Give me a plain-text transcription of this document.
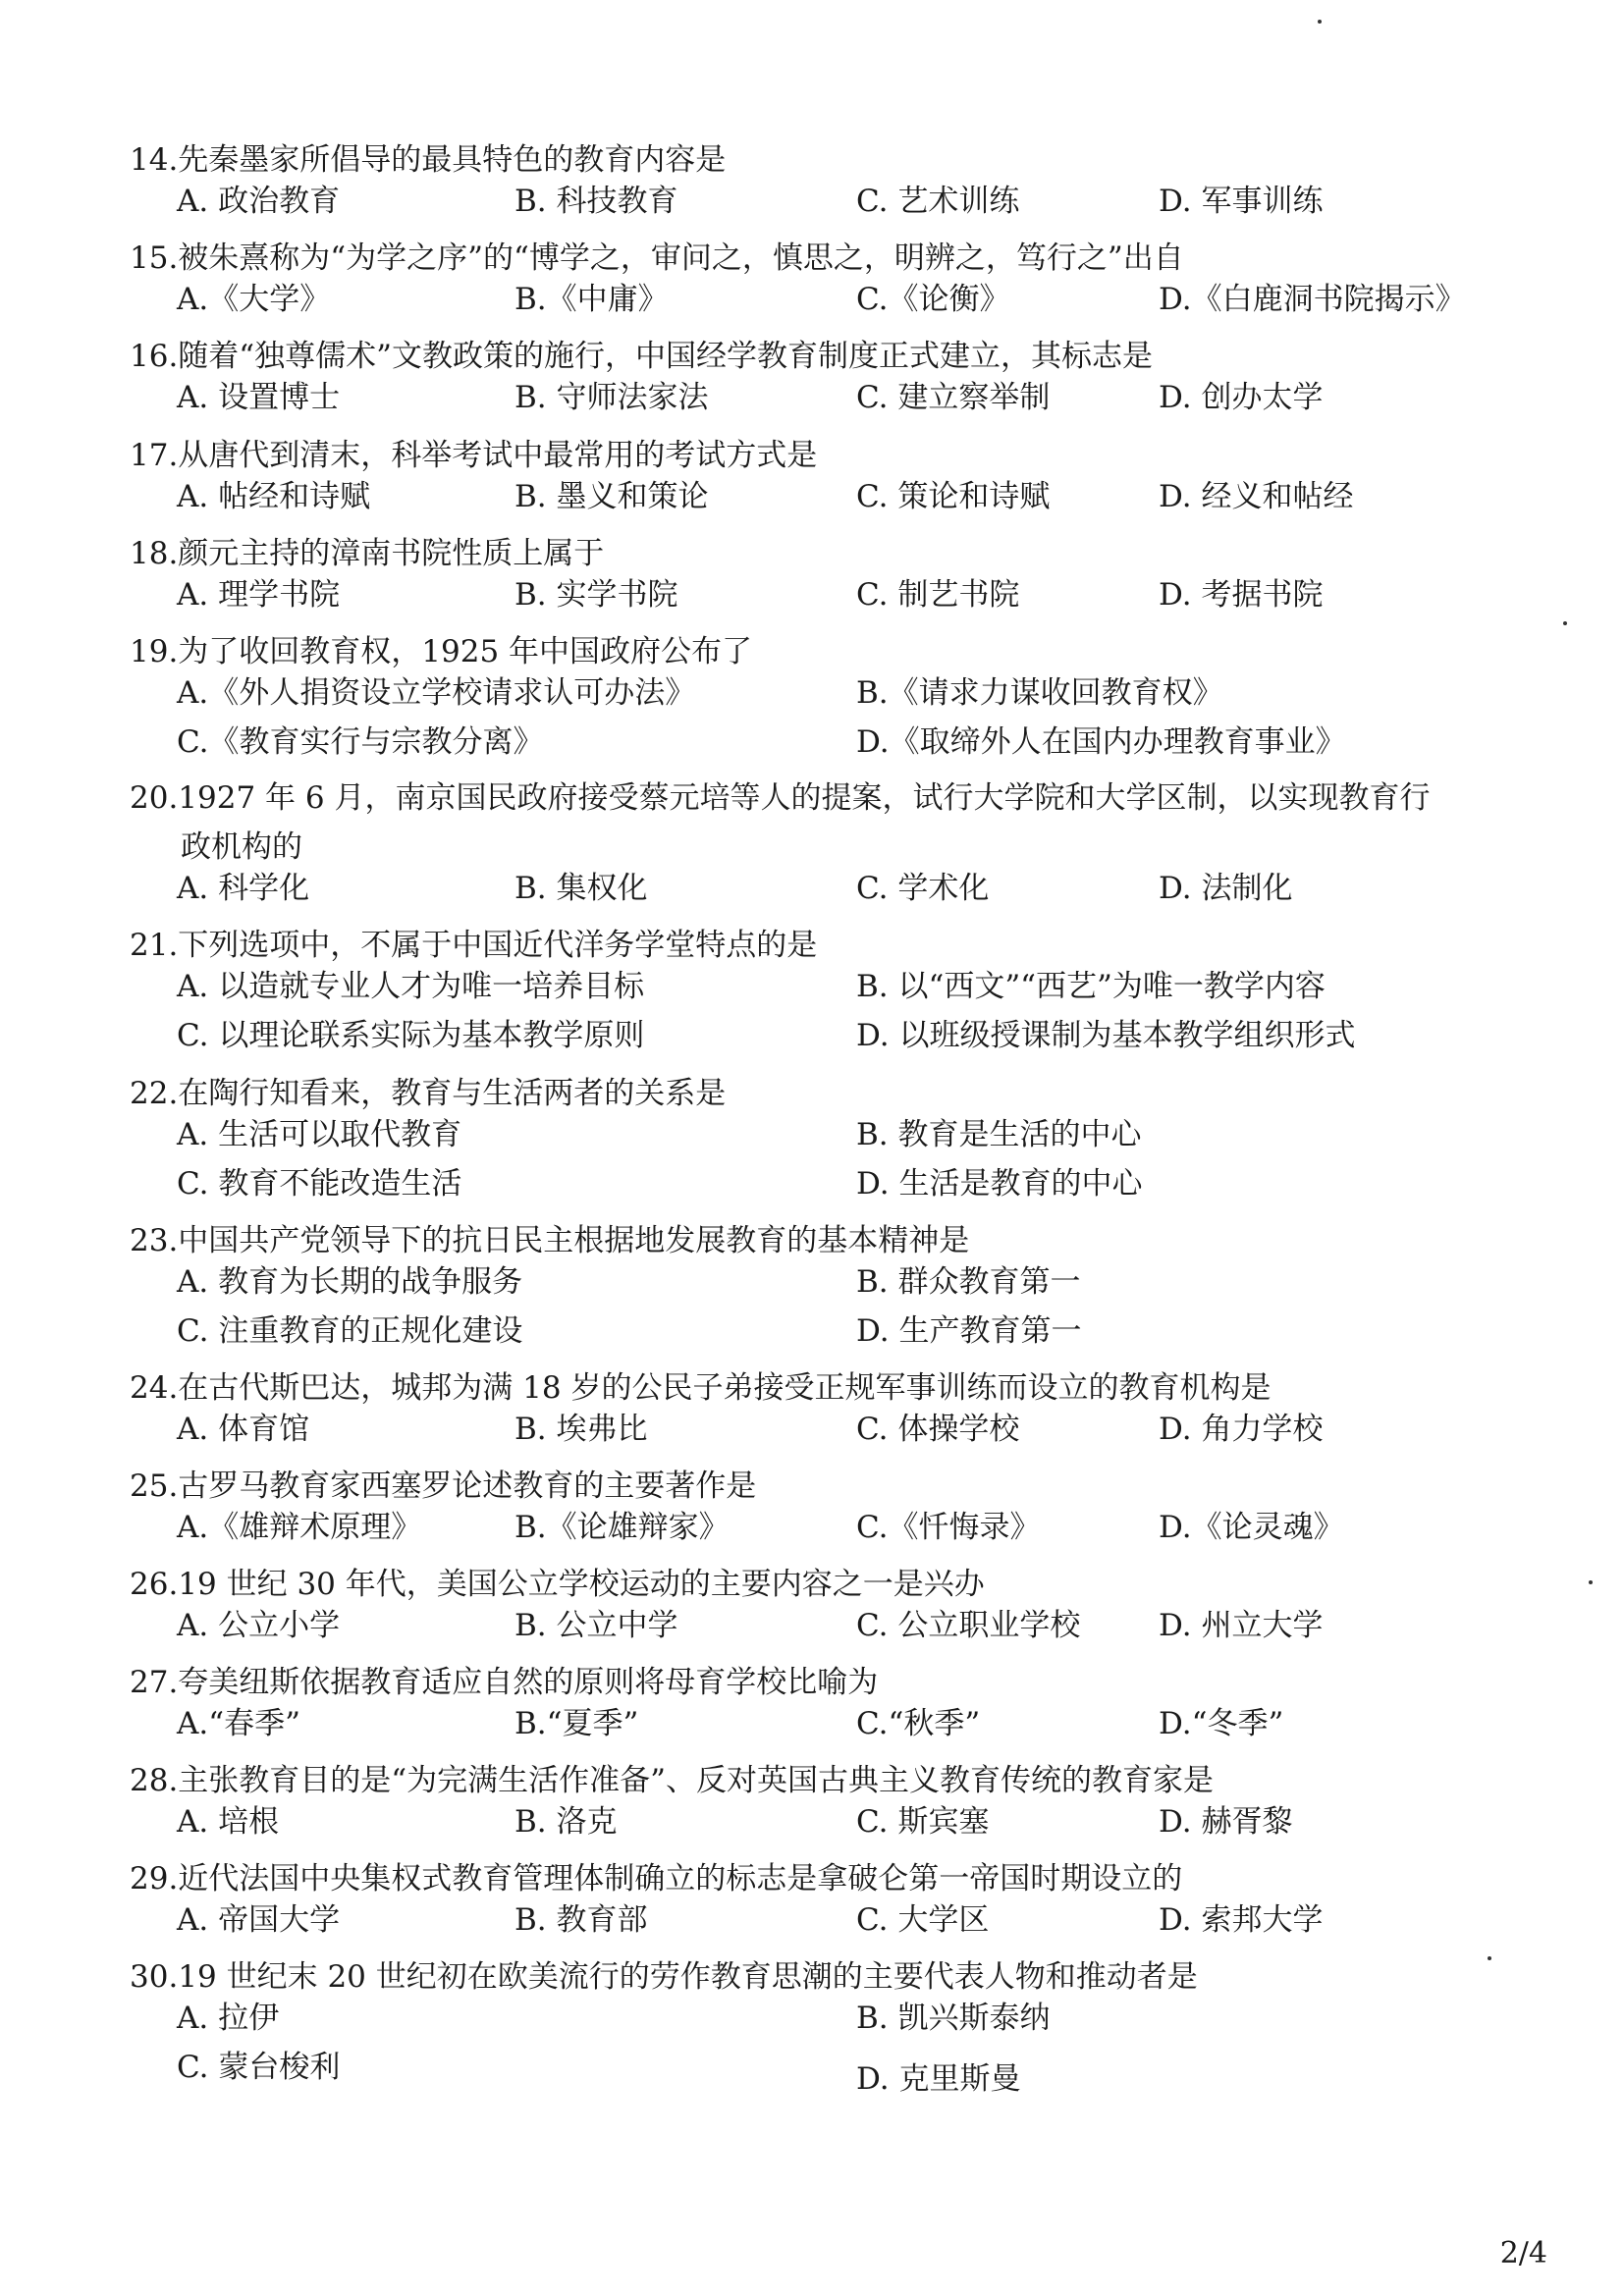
14.先秦墨家所倡导的最具特色的教育内容是
A. 政治教育	B. 科技教育	C. 艺术训练	D. 军事训练
15.被朱熹称为“为学之序”的“博学之，审问之，慎思之，明辨之，笃行之”出自
A.《大学》	B.《中庸》	C.《论衡》	D.《白鹿洞书院揭示》
16.随着“独尊儒术”文教政策的施行，中国经学教育制度正式建立，其标志是
A. 设置博士	B. 守师法家法	C. 建立察举制	D. 创办太学
17.从唐代到清末，科举考试中最常用的考试方式是
A. 帖经和诗赋	B. 墨义和策论	C. 策论和诗赋	D. 经义和帖经
18.颜元主持的漳南书院性质上属于
A. 理学书院	B. 实学书院	C. 制艺书院	D. 考据书院
19.为了收回教育权，1925 年中国政府公布了
A.《外人捐资设立学校请求认可办法》	B.《请求力谋收回教育权》
C.《教育实行与宗教分离》	D.《取缔外人在国内办理教育事业》
20.1927 年 6 月，南京国民政府接受蔡元培等人的提案，试行大学院和大学区制，以实现教育行
政机构的
A. 科学化	B. 集权化	C. 学术化	D. 法制化
21.下列选项中，不属于中国近代洋务学堂特点的是
A. 以造就专业人才为唯一培养目标	B. 以“西文”“西艺”为唯一教学内容
C. 以理论联系实际为基本教学原则	D. 以班级授课制为基本教学组织形式
22.在陶行知看来，教育与生活两者的关系是
A. 生活可以取代教育	B. 教育是生活的中心
C. 教育不能改造生活	D. 生活是教育的中心
23.中国共产党领导下的抗日民主根据地发展教育的基本精神是
A. 教育为长期的战争服务	B. 群众教育第一
C. 注重教育的正规化建设	D. 生产教育第一
24.在古代斯巴达，城邦为满 18 岁的公民子弟接受正规军事训练而设立的教育机构是
A. 体育馆	B. 埃弗比	C. 体操学校	D. 角力学校
25.古罗马教育家西塞罗论述教育的主要著作是
A.《雄辩术原理》	B.《论雄辩家》	C.《忏悔录》	D.《论灵魂》
26.19 世纪 30 年代，美国公立学校运动的主要内容之一是兴办
A. 公立小学	B. 公立中学	C. 公立职业学校	D. 州立大学
27.夸美纽斯依据教育适应自然的原则将母育学校比喻为
A.“春季”	B.“夏季”	C.“秋季”	D.“冬季”
28.主张教育目的是“为完满生活作准备”、反对英国古典主义教育传统的教育家是
A. 培根	B. 洛克	C. 斯宾塞	D. 赫胥黎
29.近代法国中央集权式教育管理体制确立的标志是拿破仑第一帝国时期设立的
A. 帝国大学	B. 教育部	C. 大学区	D. 索邦大学
30.19 世纪末 20 世纪初在欧美流行的劳作教育思潮的主要代表人物和推动者是
A. 拉伊	B. 凯兴斯泰纳
C. 蒙台梭利	D. 克里斯曼
2/4
